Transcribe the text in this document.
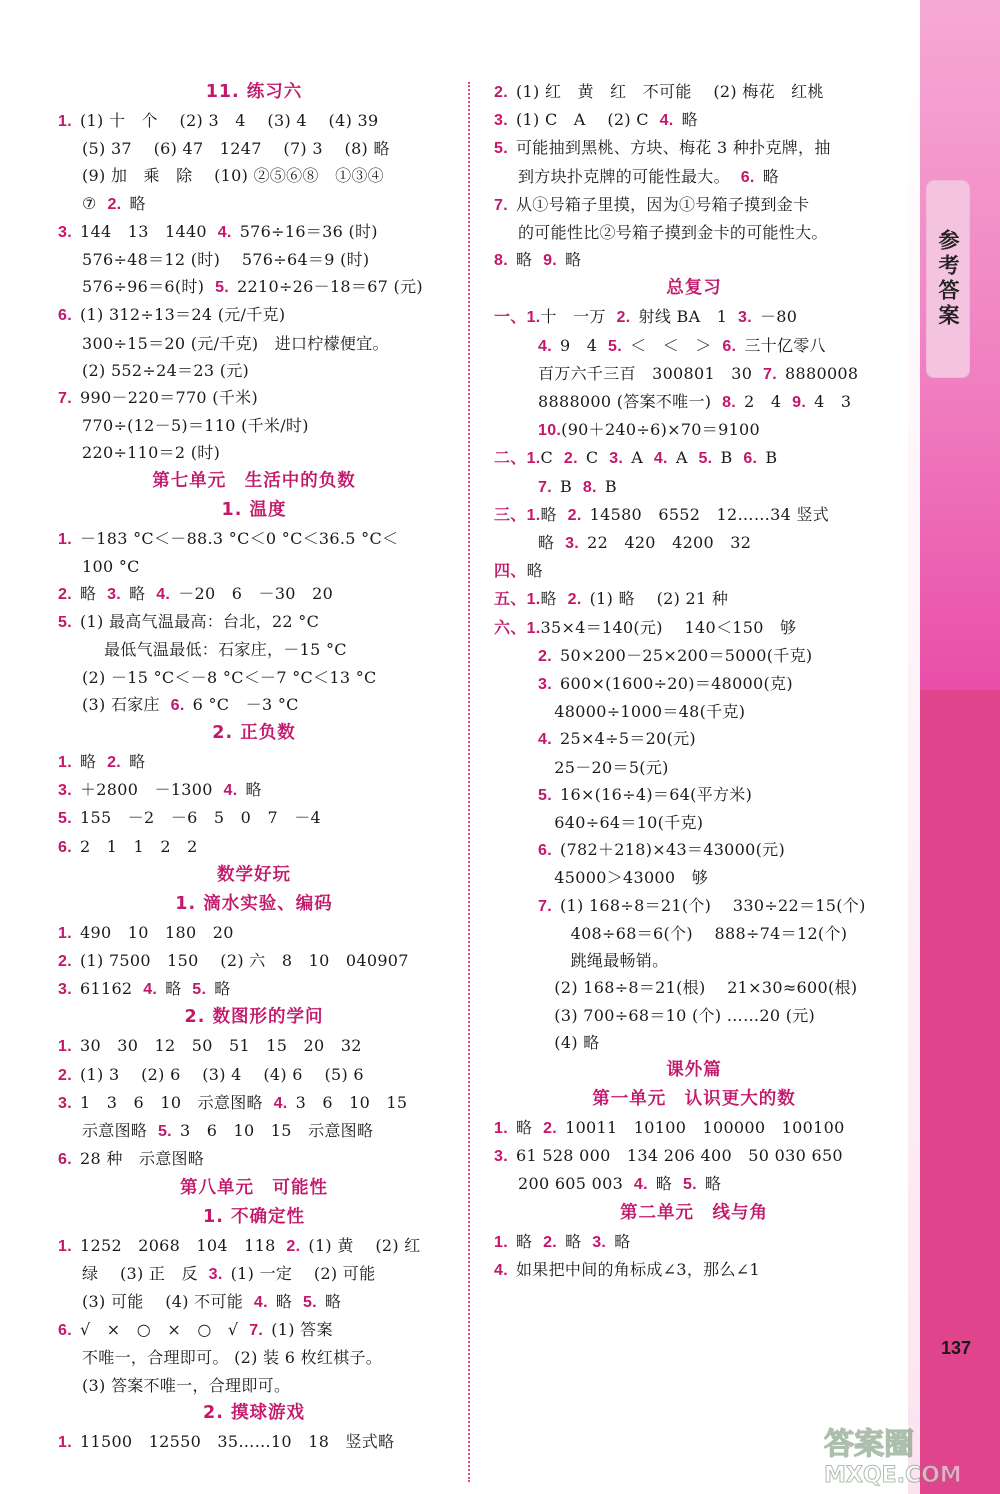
参考答案
11. 练习六
1. (1) 十　个　 (2) 3　4　 (3) 4　 (4) 39
(5) 37　 (6) 47　1247　 (7) 3　 (8) 略
(9) 加　乘　除　 (10) ②⑤⑥⑧　①③④
⑦ 2. 略
3. 144　13　1440 4. 576÷16＝36 (时)
576÷48＝12 (时)　 576÷64＝9 (时)
576÷96＝6(时) 5. 2210÷26－18＝67 (元)
6. (1) 312÷13＝24 (元/千克)
300÷15＝20 (元/千克)　进口柠檬便宜。
(2) 552÷24＝23 (元)
7. 990－220＝770 (千米)
770÷(12－5)＝110 (千米/时)
220÷110＝2 (时)
第七单元　生活中的负数
1. 温度
1. －183 °C＜－88.3 °C＜0 °C＜36.5 °C＜
100 °C
2. 略 3. 略 4. －20　6　－30　20
5. (1) 最高气温最高：台北，22 °C
最低气温最低：石家庄，－15 °C
(2) －15 °C＜－8 °C＜－7 °C＜13 °C
(3) 石家庄 6. 6 °C　－3 °C
2. 正负数
1. 略 2. 略
3. ＋2800　－1300 4. 略
5. 155　－2　－6　5　0　7　－4
6. 2　1　1　2　2
数学好玩
1. 滴水实验、编码
1. 490　10　180　20
2. (1) 7500　150　 (2) 六　8　10　040907
3. 61162 4. 略 5. 略
2. 数图形的学问
1. 30　30　12　50　51　15　20　32
2. (1) 3　 (2) 6　 (3) 4　 (4) 6　 (5) 6
3. 1　3　6　10　示意图略 4. 3　6　10　15
示意图略 5. 3　6　10　15　示意图略
6. 28 种　示意图略
第八单元　可能性
1. 不确定性
1. 1252　2068　104　118 2. (1) 黄　 (2) 红
绿　 (3) 正　反 3. (1) 一定　 (2) 可能
(3) 可能　 (4) 不可能 4. 略 5. 略
6. √　×　○　×　○　√ 7. (1) 答案
不唯一，合理即可。 (2) 装 6 枚红棋子。
(3) 答案不唯一，合理即可。
2. 摸球游戏
1. 11500　12550　35……10　18　竖式略
2. (1) 红　黄　红　不可能　 (2) 梅花　红桃
3. (1) C　A　 (2) C 4. 略
5. 可能抽到黑桃、方块、梅花 3 种扑克牌，抽
到方块扑克牌的可能性最大。 6. 略
7. 从①号箱子里摸，因为①号箱子摸到金卡
的可能性比②号箱子摸到金卡的可能性大。
8. 略 9. 略
总复习
一、1.十　一万 2. 射线 BA　1 3. －80
4. 9　4 5. ＜　＜　＞ 6. 三十亿零八
百万六千三百　300801　30 7. 8880008
8888000 (答案不唯一) 8. 2　4 9. 4　3
10.(90＋240÷6)×70＝9100
二、1.C 2. C 3. A 4. A 5. B 6. B
7. B 8. B
三、1.略 2. 14580　6552　12……34 竖式
略 3. 22　420　4200　32
四、略
五、1.略 2. (1) 略　 (2) 21 种
六、1.35×4＝140(元)　 140＜150　够
2. 50×200－25×200＝5000(千克)
3. 600×(1600÷20)＝48000(克)
　48000÷1000＝48(千克)
4. 25×4÷5＝20(元)
　25－20＝5(元)
5. 16×(16÷4)＝64(平方米)
　640÷64＝10(千克)
6. (782＋218)×43＝43000(元)
　45000＞43000　够
7. (1) 168÷8＝21(个)　 330÷22＝15(个)
　　408÷68＝6(个)　 888÷74＝12(个)
　　跳绳最畅销。
　(2) 168÷8＝21(根)　 21×30≈600(根)
　(3) 700÷68＝10 (个) ……20 (元)
　(4) 略
课外篇
第一单元　认识更大的数
1. 略 2. 10011　10100　100000　100100
3. 61 528 000　134 206 400　50 030 650
200 605 003 4. 略 5. 略
第二单元　线与角
1. 略 2. 略 3. 略
4. 如果把中间的角标成∠3，那么∠1
137
答案圈
MXQE.COM
